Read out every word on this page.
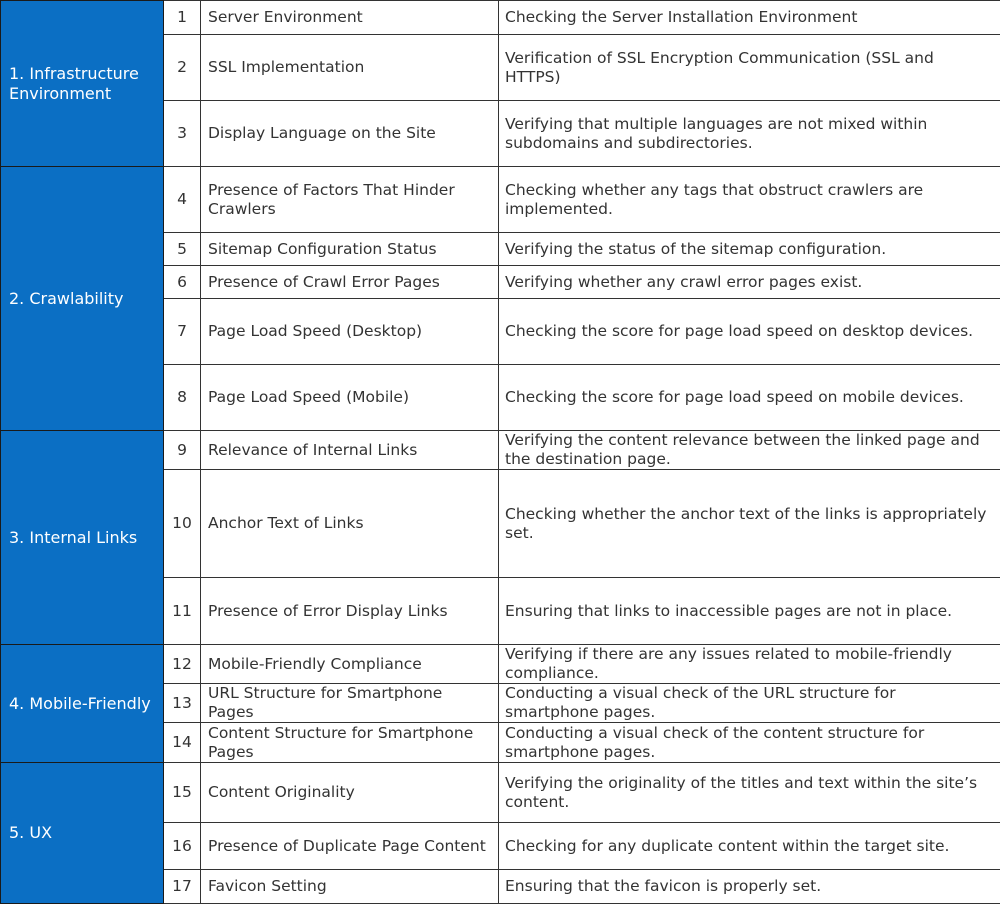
1. Infrastructure Environment	1	Server Environment	Checking the Server Installation Environment
	2	SSL Implementation	Verification of SSL Encryption Communication (SSL and HTTPS)
	3	Display Language on the Site	Verifying that multiple languages are not mixed within subdomains and subdirectories.
2. Crawlability	4	Presence of Factors That Hinder Crawlers	Checking whether any tags that obstruct crawlers are implemented.
	5	Sitemap Configuration Status	Verifying the status of the sitemap configuration.
	6	Presence of Crawl Error Pages	Verifying whether any crawl error pages exist.
	7	Page Load Speed (Desktop)	Checking the score for page load speed on desktop devices.
	8	Page Load Speed (Mobile)	Checking the score for page load speed on mobile devices.
3. Internal Links	9	Relevance of Internal Links	Verifying the content relevance between the linked page and the destination page.
	10	Anchor Text of Links	Checking whether the anchor text of the links is appropriately set.
	11	Presence of Error Display Links	Ensuring that links to inaccessible pages are not in place.
4. Mobile-Friendly	12	Mobile-Friendly Compliance	Verifying if there are any issues related to mobile-friendly compliance.
	13	URL Structure for Smartphone Pages	Conducting a visual check of the URL structure for smartphone pages.
	14	Content Structure for Smartphone Pages	Conducting a visual check of the content structure for smartphone pages.
5. UX	15	Content Originality	Verifying the originality of the titles and text within the site’s content.
	16	Presence of Duplicate Page Content	Checking for any duplicate content within the target site.
	17	Favicon Setting	Ensuring that the favicon is properly set.
